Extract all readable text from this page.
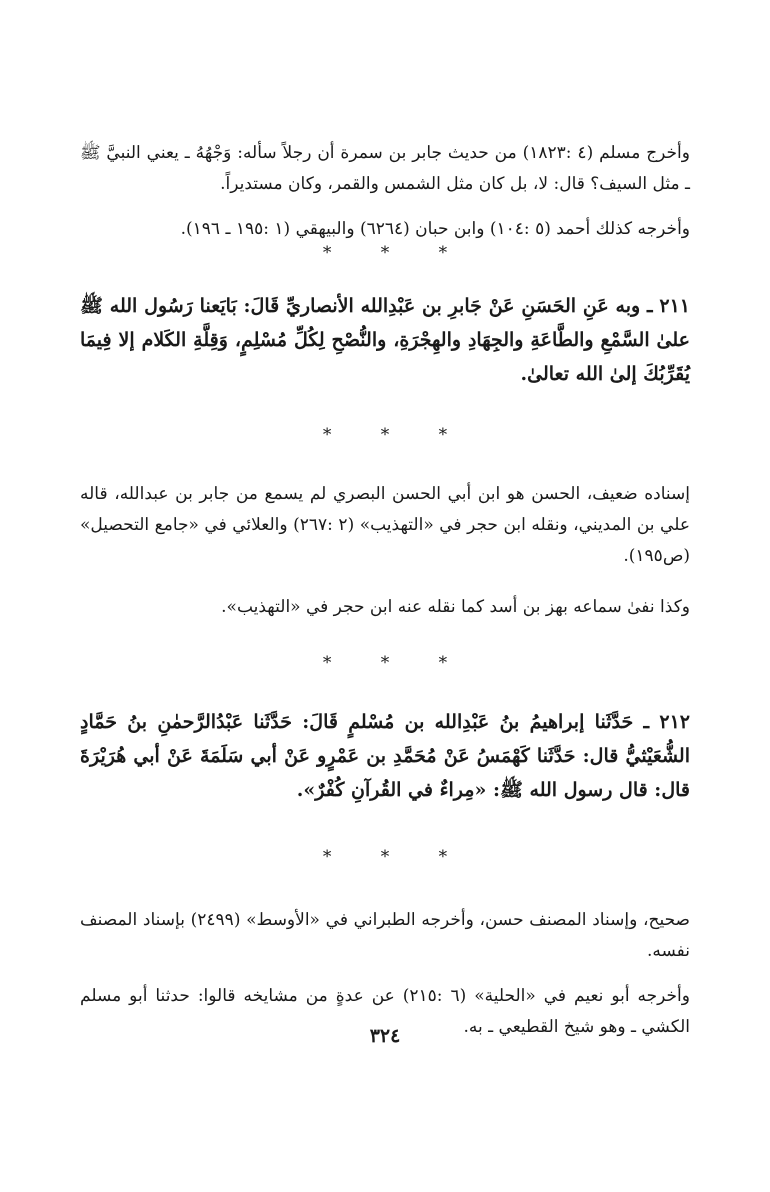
وأخرج مسلم (٤ :١٨٢٣) من حديث جابر بن سمرة أن رجلاً سأله: وَجْهُهُ ـ يعني النبيَّ ﷺ ـ مثل السيف؟ قال: لا، بل كان مثل الشمس والقمر، وكان مستديراً.

وأخرجه كذلك أحمد (٥ :١٠٤) وابن حبان (٦٢٦٤) والبيهقي (١ :١٩٥ ـ ١٩٦).

* * *

٢١١ ـ وبه عَنِ الحَسَنِ عَنْ جَابرِ بن عَبْدِالله الأنصاريِّ قَالَ: بَايَعنا رَسُول الله ﷺ علىٰ السَّمْعِ والطَّاعَةِ والجِهَادِ والهِجْرَةِ، والنُّصْحِ لِكُلِّ مُسْلِمٍ، وَقِلَّةِ الكَلام إلا فِيمَا يُقَرِّبُكَ إلىٰ الله تعالىٰ.

* * *

إسناده ضعيف، الحسن هو ابن أبي الحسن البصري لم يسمع من جابر بن عبدالله، قاله علي بن المديني، ونقله ابن حجر في «التهذيب» (٢ :٢٦٧) والعلائي في «جامع التحصيل» (ص١٩٥).

وكذا نفىٰ سماعه بهز بن أسد كما نقله عنه ابن حجر في «التهذيب».

* * *

٢١٢ ـ حَدَّثَنا إبراهيمُ بنُ عَبْدِالله بن مُسْلمٍ قَالَ: حَدَّثَنا عَبْدُالرَّحمٰنِ بنُ حَمَّادٍ الشُّعَيْثيُّ قال: حَدَّثَنا كَهْمَسُ عَنْ مُحَمَّدِ بن عَمْرٍو عَنْ أبي سَلَمَةَ عَنْ أبي هُرَيْرَةَ قال: قال رسول الله ﷺ: «مِراءٌ في القُرآنِ كُفْرٌ».

* * *

صحيح، وإسناد المصنف حسن، وأخرجه الطبراني في «الأوسط» (٢٤٩٩) بإسناد المصنف نفسه.

وأخرجه أبو نعيم في «الحلية» (٦ :٢١٥) عن عدةٍ من مشايخه قالوا: حدثنا أبو مسلم الكشي ـ وهو شيخ القطيعي ـ به.

٣٢٤
